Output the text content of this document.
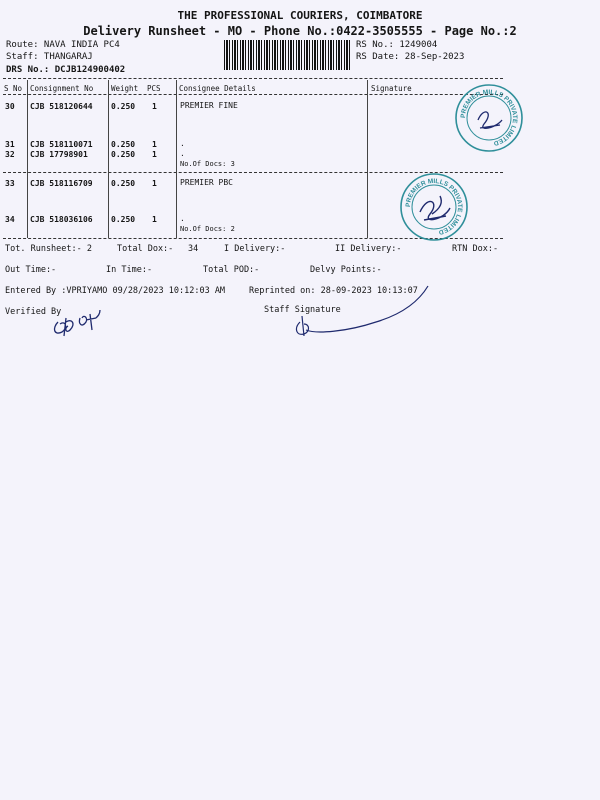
THE PROFESSIONAL COURIERS, COIMBATORE
Delivery Runsheet - MO - Phone No.:0422-3505555 - Page No.:2
Route: NAVA INDIA PC4
Staff: THANGARAJ
DRS No.: DCJB124900402
RS No.: 1249004
RS Date: 28-Sep-2023
S No Consignment No Weight PCS Consignee Details	Signature
30 CJB 518120644 0.250 1	PREMIER FINE
31 CJB 518110071 0.250 1	.
32 CJB 17798901	0.250 1	.
No.Of Docs: 3
33 CJB 518116709 0.250 1	PREMIER PBC
34 CJB 518036106 0.250 1	.
No.Of Docs: 2
Tot. Runsheet:- 2	Total Dox:- 34	I Delivery:-	II Delivery:-	RTN Dox:-
Out Time:-	In Time:-	Total POD:-	Delvy Points:-
Entered By :VPRIYAMO 09/28/2023 10:12:03 AM	Reprinted on: 28-09-2023 10:13:07
Verified By	Staff Signature
PREMIER MILLS PRIVATE LIMITED
PREMIER MILLS PRIVATE LIMITED
